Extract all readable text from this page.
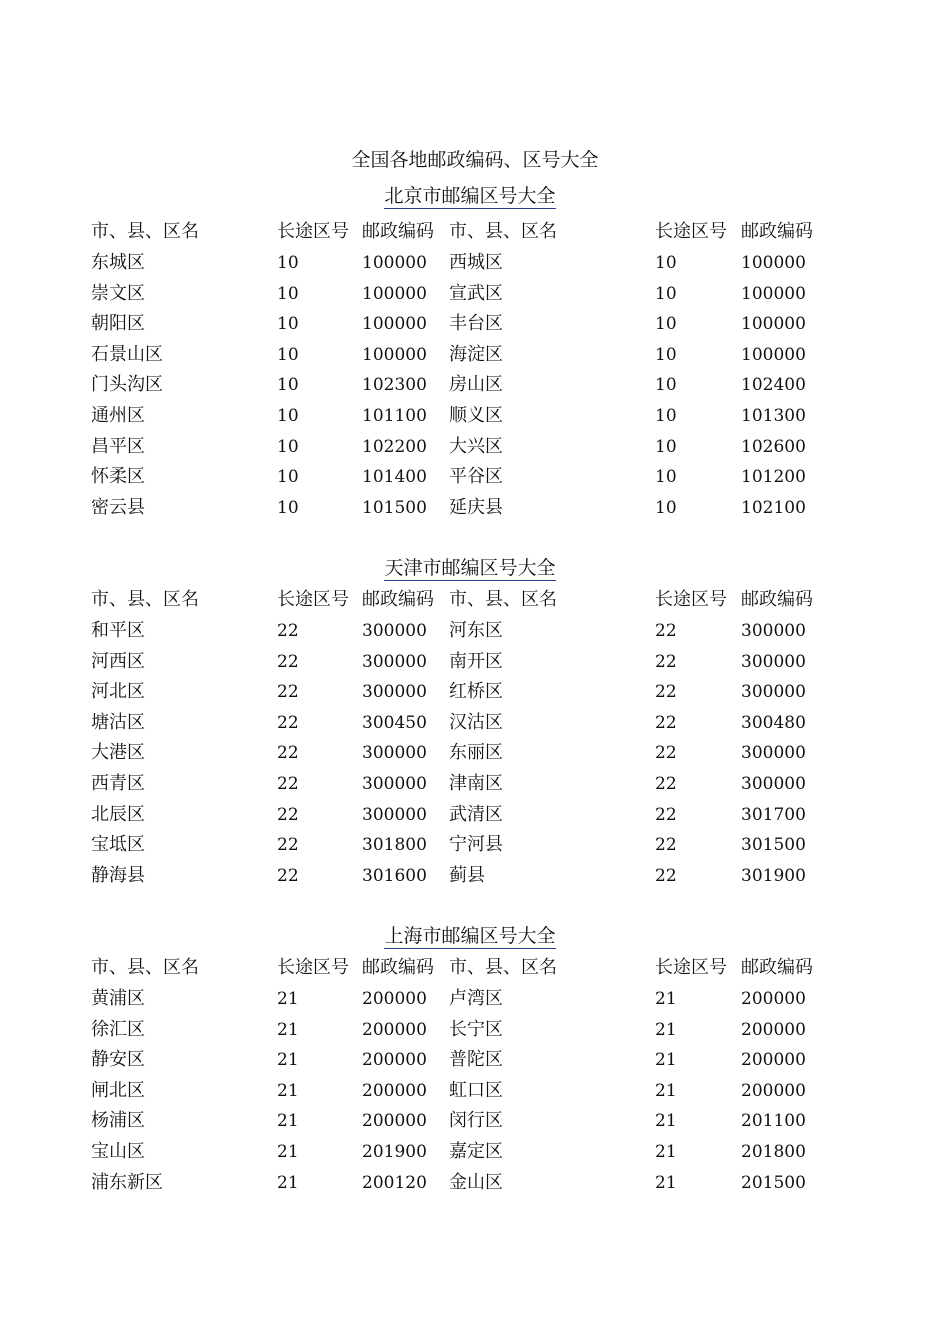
全国各地邮政编码、区号大全
北京市邮编区号大全
市、县、区名	长途区号 邮政编码 市、县、区名	长途区号 邮政编码
东城区	10	100000 西城区	10	100000
崇文区	10	100000 宣武区	10	100000
朝阳区	10	100000 丰台区	10	100000
石景山区	10	100000 海淀区	10	100000
门头沟区	10	102300 房山区	10	102400
通州区	10	101100 顺义区	10	101300
昌平区	10	102200 大兴区	10	102600
怀柔区	10	101400 平谷区	10	101200
密云县	10	101500 延庆县	10	102100
天津市邮编区号大全
市、县、区名	长途区号 邮政编码 市、县、区名	长途区号 邮政编码
和平区	22	300000 河东区	22	300000
河西区	22	300000 南开区	22	300000
河北区	22	300000 红桥区	22	300000
塘沽区	22	300450 汉沽区	22	300480
大港区	22	300000 东丽区	22	300000
西青区	22	300000 津南区	22	300000
北辰区	22	300000 武清区	22	301700
宝坻区	22	301800 宁河县	22	301500
静海县	22	301600 蓟县	22	301900
上海市邮编区号大全
市、县、区名	长途区号 邮政编码 市、县、区名	长途区号 邮政编码
黄浦区	21	200000 卢湾区	21	200000
徐汇区	21	200000 长宁区	21	200000
静安区	21	200000 普陀区	21	200000
闸北区	21	200000 虹口区	21	200000
杨浦区	21	200000 闵行区	21	201100
宝山区	21	201900 嘉定区	21	201800
浦东新区	21	200120 金山区	21	201500
